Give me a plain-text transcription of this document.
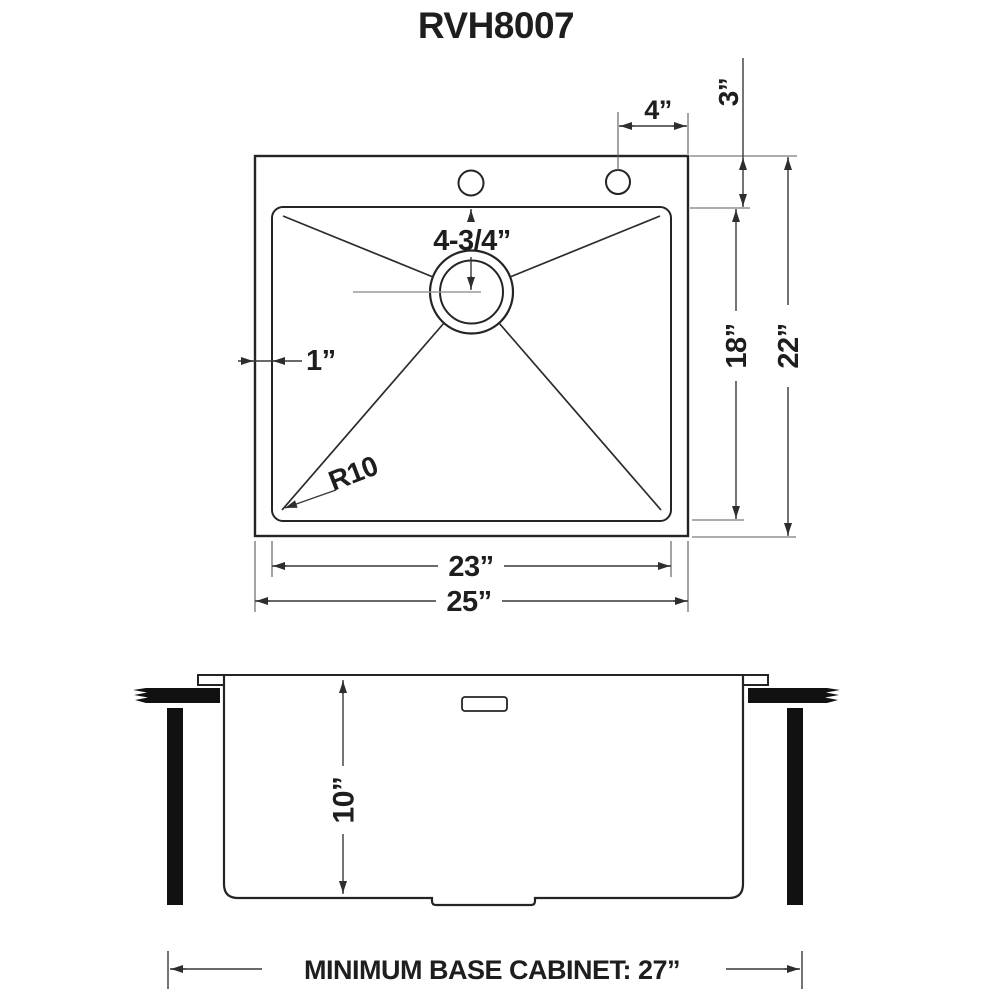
RVH8007
4”
3”
4-3/4”
1”
R10
18” 22”
23”
25”
10”
MINIMUM BASE CABINET: 27”
